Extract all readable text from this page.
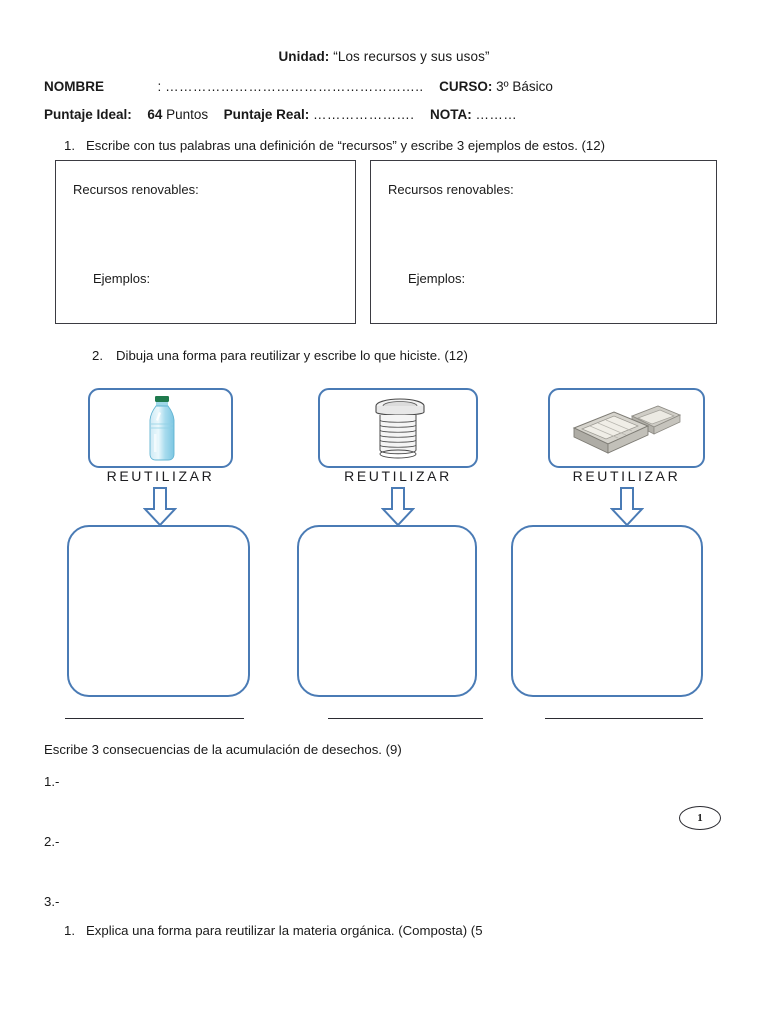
Unidad: “Los recursos y sus usos”
NOMBRE	: ……………………………………………….. CURSO: 3º Básico
Puntaje Ideal: 64 Puntos Puntaje Real: …………………. NOTA: ………
1. Escribe con tus palabras una definición de “recursos” y escribe 3 ejemplos de estos. (12)
Recursos renovables:
Ejemplos:
Recursos renovables:
Ejemplos:
2. Dibuja una forma para reutilizar y escribe lo que hiciste. (12)
REUTILIZAR	REUTILIZAR	REUTILIZAR
Escribe 3 consecuencias de la acumulación de desechos. (9)
1.-
2.-
3.-
1. Explica una forma para reutilizar la materia orgánica. (Composta) (5
1
